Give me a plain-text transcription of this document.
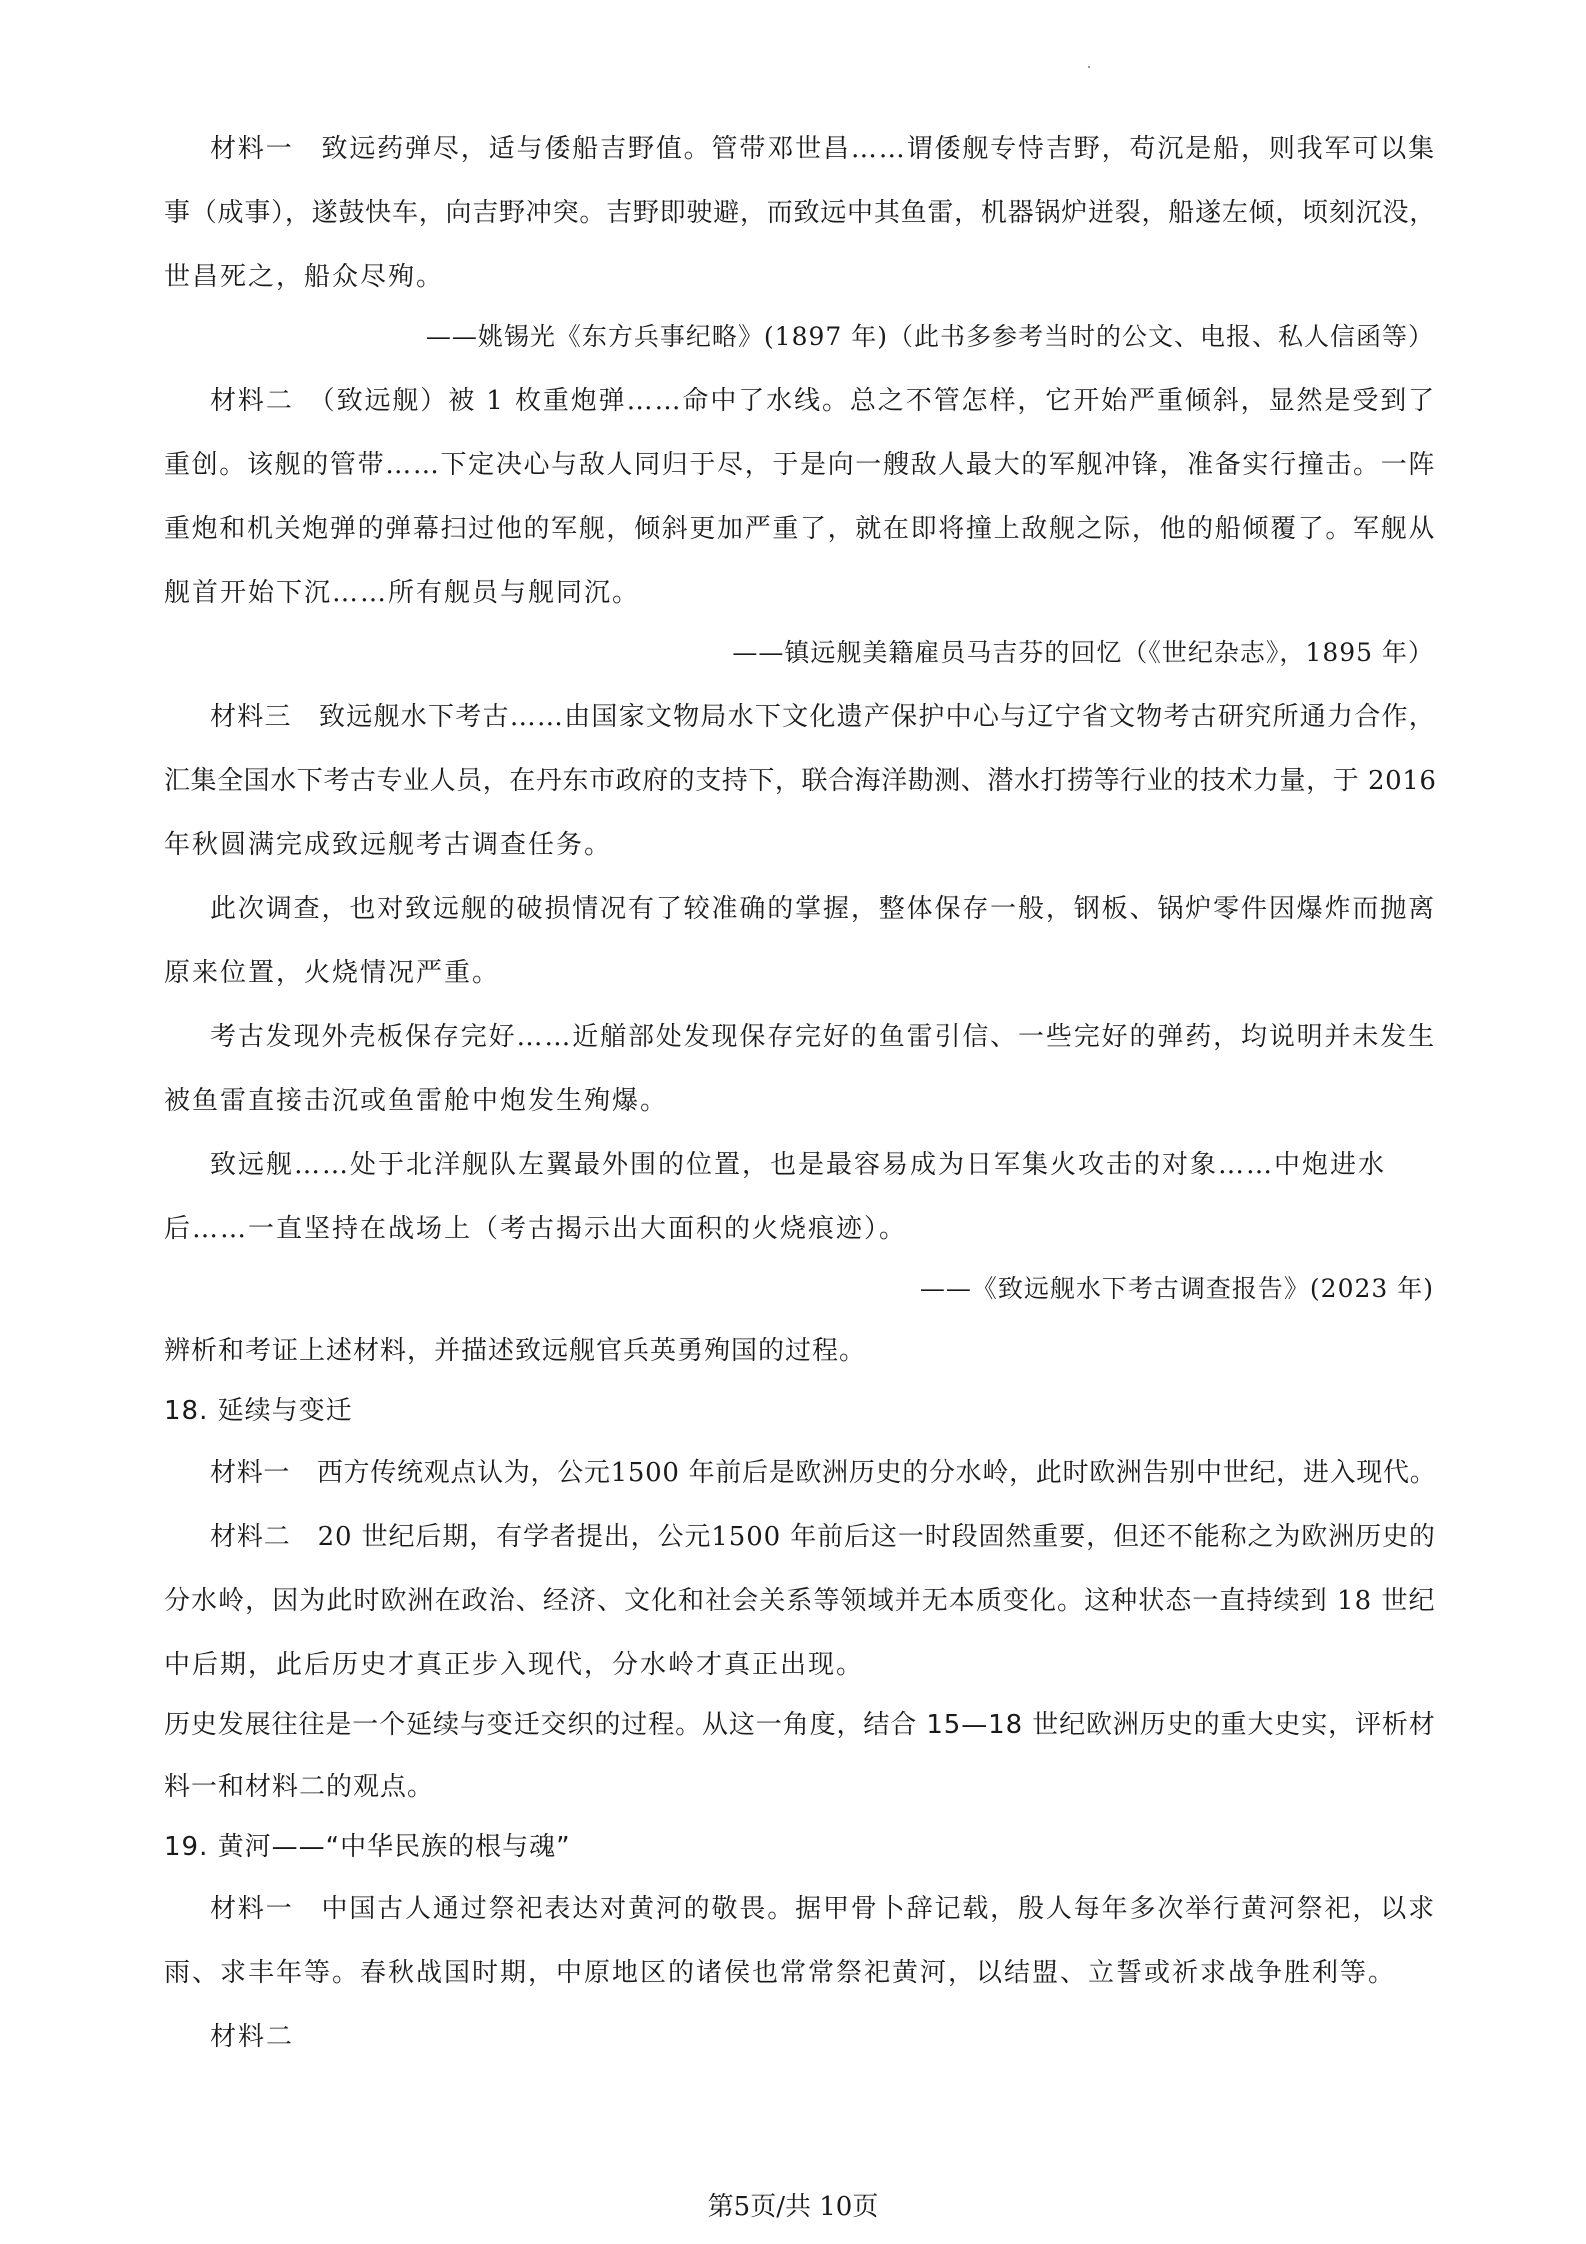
材料一　致远药弹尽，适与倭船吉野值。管带邓世昌……谓倭舰专恃吉野，苟沉是船，则我军可以集
事（成事），遂鼓快车，向吉野冲突。吉野即驶避，而致远中其鱼雷，机器锅炉迸裂，船遂左倾，顷刻沉没，
世昌死之，船众尽殉。
——姚锡光《东方兵事纪略》(1897 年)（此书多参考当时的公文、电报、私人信函等）
材料二　（致远舰）被 1 枚重炮弹……命中了水线。总之不管怎样，它开始严重倾斜，显然是受到了
重创。该舰的管带……下定决心与敌人同归于尽，于是向一艘敌人最大的军舰冲锋，准备实行撞击。一阵
重炮和机关炮弹的弹幕扫过他的军舰，倾斜更加严重了，就在即将撞上敌舰之际，他的船倾覆了。军舰从
舰首开始下沉……所有舰员与舰同沉。
——镇远舰美籍雇员马吉芬的回忆（《世纪杂志》，1895 年）
材料三　致远舰水下考古……由国家文物局水下文化遗产保护中心与辽宁省文物考古研究所通力合作，
汇集全国水下考古专业人员，在丹东市政府的支持下，联合海洋勘测、潜水打捞等行业的技术力量，于 2016
年秋圆满完成致远舰考古调查任务。
此次调查，也对致远舰的破损情况有了较准确的掌握，整体保存一般，钢板、锅炉零件因爆炸而抛离
原来位置，火烧情况严重。
考古发现外壳板保存完好……近艏部处发现保存完好的鱼雷引信、一些完好的弹药，均说明并未发生
被鱼雷直接击沉或鱼雷舱中炮发生殉爆。
致远舰……处于北洋舰队左翼最外围的位置，也是最容易成为日军集火攻击的对象……中炮进水
后……一直坚持在战场上（考古揭示出大面积的火烧痕迹）。
——《致远舰水下考古调查报告》(2023 年)
辨析和考证上述材料，并描述致远舰官兵英勇殉国的过程。
18. 延续与变迁
材料一　西方传统观点认为，公元1500 年前后是欧洲历史的分水岭，此时欧洲告别中世纪，进入现代。
材料二　20 世纪后期，有学者提出，公元1500 年前后这一时段固然重要，但还不能称之为欧洲历史的
分水岭，因为此时欧洲在政治、经济、文化和社会关系等领域并无本质变化。这种状态一直持续到 18 世纪
中后期，此后历史才真正步入现代，分水岭才真正出现。
历史发展往往是一个延续与变迁交织的过程。从这一角度，结合 15—18 世纪欧洲历史的重大史实，评析材
料一和材料二的观点。
19. 黄河——“中华民族的根与魂”
材料一　中国古人通过祭祀表达对黄河的敬畏。据甲骨卜辞记载，殷人每年多次举行黄河祭祀，以求
雨、求丰年等。春秋战国时期，中原地区的诸侯也常常祭祀黄河，以结盟、立誓或祈求战争胜利等。
材料二
第5页/共 10页
